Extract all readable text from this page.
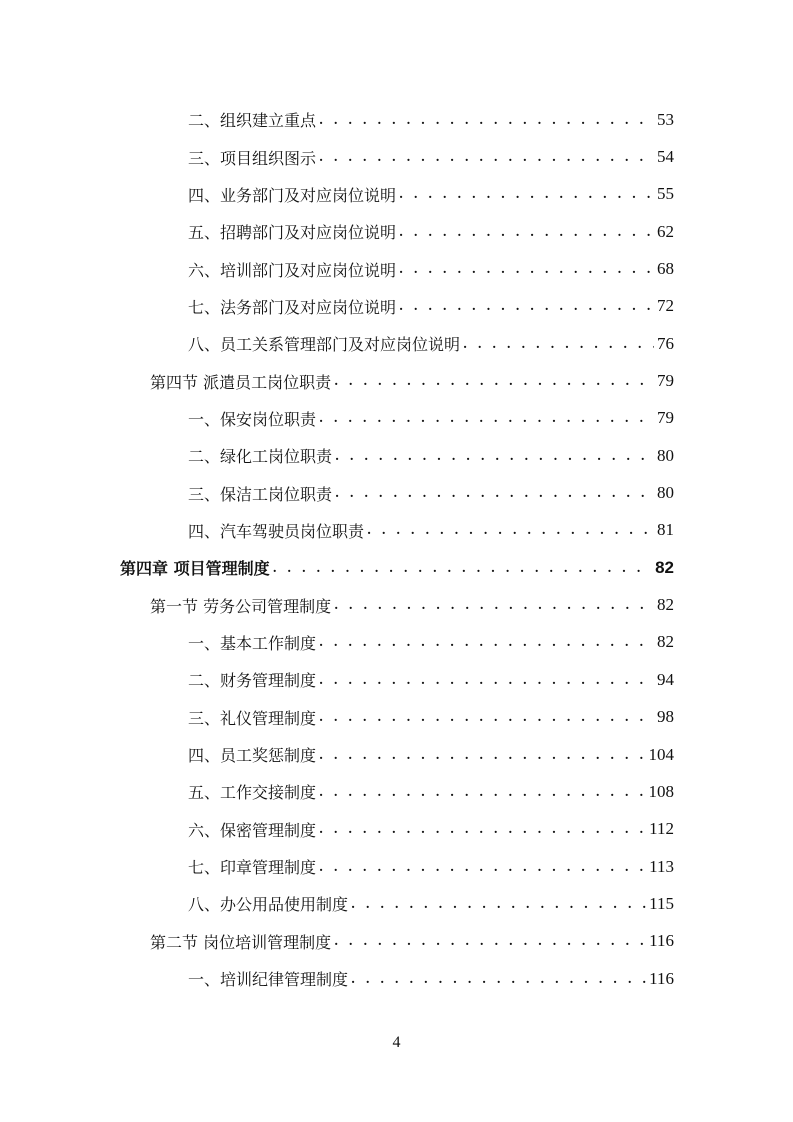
二、组织建立重点 . . .	53
三、项目组织图示 . . .	54
四、业务部门及对应岗位说明 . . .	55
五、招聘部门及对应岗位说明 . . .	62
六、培训部门及对应岗位说明 . . .	68
七、法务部门及对应岗位说明 . . .	72
八、员工关系管理部门及对应岗位说明 . . .	76
第四节 派遣员工岗位职责 . . .	79
一、保安岗位职责 . . .	79
二、绿化工岗位职责 . . .	80
三、保洁工岗位职责 . . .	80
四、汽车驾驶员岗位职责 . . .	81
第四章 项目管理制度 . . .	82
第一节 劳务公司管理制度 . . .	82
一、基本工作制度 . . .	82
二、财务管理制度 . . .	94
三、礼仪管理制度 . . .	98
四、员工奖惩制度 . . .	104
五、工作交接制度 . . .	108
六、保密管理制度 . . .	112
七、印章管理制度 . . .	113
八、办公用品使用制度 . . .	115
第二节 岗位培训管理制度 . . .	116
一、培训纪律管理制度 . . .	116
4
